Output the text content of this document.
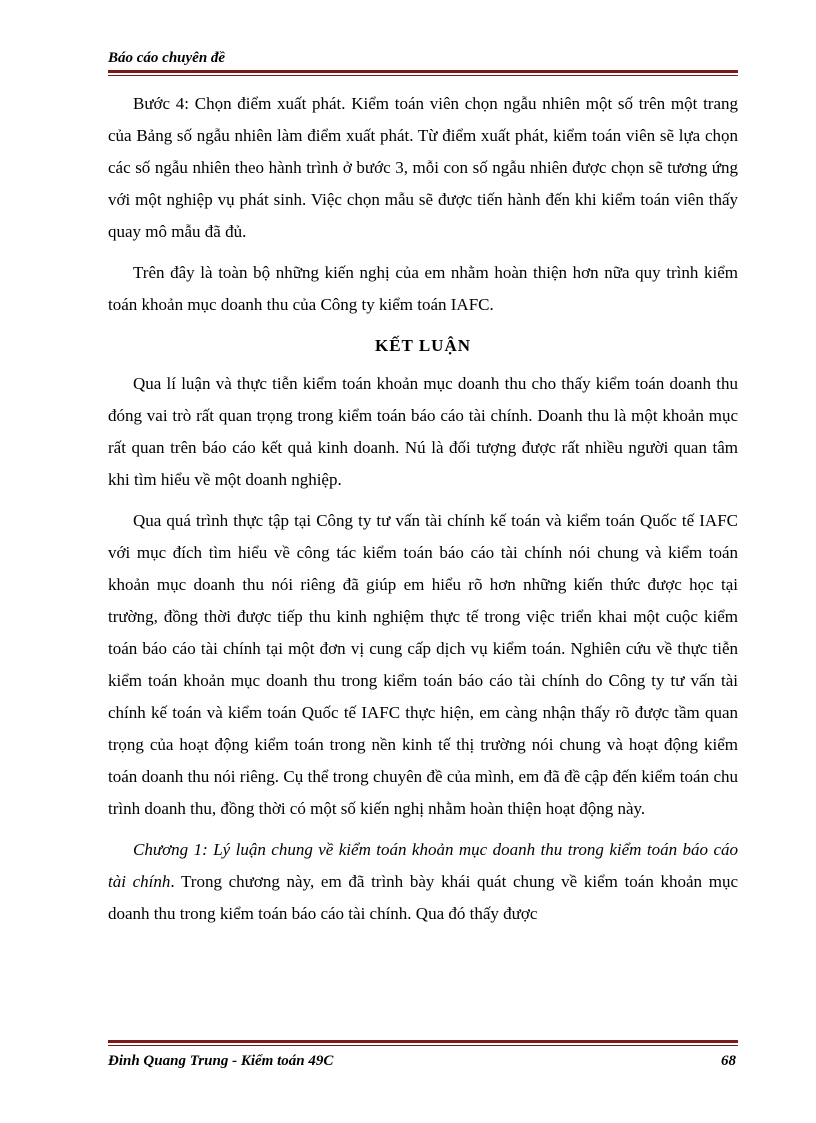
Báo cáo chuyên đề

Bước 4: Chọn điểm xuất phát. Kiểm toán viên chọn ngẫu nhiên một số trên một trang của Bảng số ngẫu nhiên làm điểm xuất phát. Từ điểm xuất phát, kiểm toán viên sẽ lựa chọn các số ngẫu nhiên theo hành trình ở bước 3, mỗi con số ngẫu nhiên được chọn sẽ tương ứng với một nghiệp vụ phát sinh. Việc chọn mẫu sẽ được tiến hành đến khi kiểm toán viên thấy quay mô mẫu đã đủ.

Trên đây là toàn bộ những kiến nghị của em nhằm hoàn thiện hơn nữa quy trình kiểm toán khoản mục doanh thu của Công ty kiểm toán IAFC.

KẾT LUẬN

Qua lí luận và thực tiễn kiểm toán khoản mục doanh thu cho thấy kiểm toán doanh thu đóng vai trò rất quan trọng trong kiểm toán báo cáo tài chính. Doanh thu là một khoản mục rất quan trên báo cáo kết quả kinh doanh. Nú là đối tượng được rất nhiều người quan tâm khi tìm hiểu về một doanh nghiệp.

Qua quá trình thực tập tại Công ty tư vấn tài chính kế toán và kiểm toán Quốc tế IAFC với mục đích tìm hiểu về công tác kiểm toán báo cáo tài chính nói chung và kiểm toán khoản mục doanh thu nói riêng đã giúp em hiểu rõ hơn những kiến thức được học tại trường, đồng thời được tiếp thu kinh nghiệm thực tế trong việc triển khai một cuộc kiểm toán báo cáo tài chính tại một đơn vị cung cấp dịch vụ kiểm toán. Nghiên cứu về thực tiễn kiểm toán khoản mục doanh thu trong kiểm toán báo cáo tài chính do Công ty tư vấn tài chính kế toán và kiểm toán Quốc tế IAFC thực hiện, em càng nhận thấy rõ được tầm quan trọng của hoạt động kiểm toán trong nền kinh tế thị trường nói chung và hoạt động kiểm toán doanh thu nói riêng. Cụ thể trong chuyên đề của mình, em đã đề cập đến kiểm toán chu trình doanh thu, đồng thời có một số kiến nghị nhằm hoàn thiện hoạt động này.

Chương 1: Lý luận chung về kiểm toán khoản mục doanh thu trong kiểm toán báo cáo tài chính. Trong chương này, em đã trình bày khái quát chung về kiểm toán khoản mục doanh thu trong kiểm toán báo cáo tài chính. Qua đó thấy được

Đinh Quang Trung - Kiểm toán 49C	68
